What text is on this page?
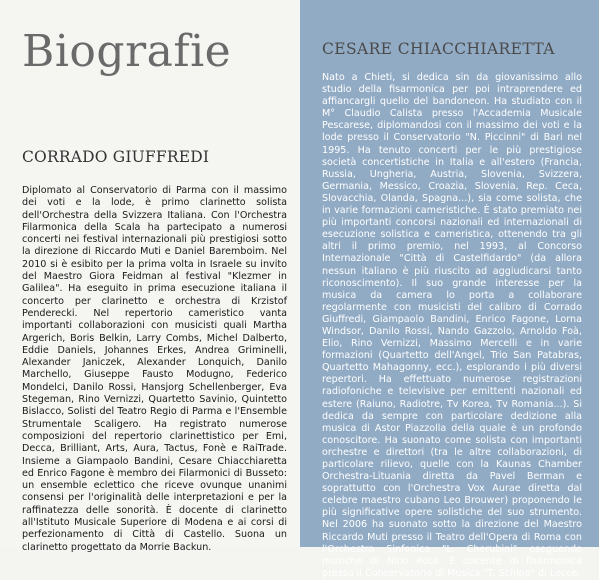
Biografie
CORRADO GIUFFREDI
Diplomato al Conservatorio di Parma con il massimo dei voti e la lode, è primo clarinetto solista dell'Orchestra della Svizzera Italiana. Con l'Orchestra Filarmonica della Scala ha partecipato a numerosi concerti nei festival internazionali più prestigiosi sotto la direzione di Riccardo Muti e Daniel Baremboim. Nel 2010 si è esibito per la prima volta in Israele su invito del Maestro Giora Feidman al festival "Klezmer in Galilea". Ha eseguito in prima esecuzione italiana il concerto per clarinetto e orchestra di Krzistof Penderecki. Nel repertorio cameristico vanta importanti collaborazioni con musicisti quali Martha Argerich, Boris Belkin, Larry Combs, Michel Dalberto, Eddie Daniels, Johannes Erkes, Andrea Griminelli, Alexander Janiczek, Alexander Lonquich, Danilo Marchello, Giuseppe Fausto Modugno, Federico Mondelci, Danilo Rossi, Hansjorg Schellenberger, Eva Stegeman, Rino Vernizzi, Quartetto Savinio, Quintetto Bislacco, Solisti del Teatro Regio di Parma e l'Ensemble Strumentale Scaligero. Ha registrato numerose composizioni del repertorio clarinettistico per Emi, Decca, Brilliant, Arts, Aura, Tactus, Fonè e RaiTrade. Insieme a Giampaolo Bandini, Cesare Chiacchiaretta ed Enrico Fagone è membro dei Filarmonici di Busseto: un ensemble eclettico che riceve ovunque unanimi consensi per l'originalità delle interpretazioni e per la raffinatezza delle sonorità. È docente di clarinetto all'Istituto Musicale Superiore di Modena e ai corsi di perfezionamento di Città di Castello. Suona un clarinetto progettato da Morrie Backun.
CESARE CHIACCHIARETTA
Nato a Chieti, si dedica sin da giovanissimo allo studio della fisarmonica per poi intraprendere ed affiancargli quello del bandoneon. Ha studiato con il M° Claudio Calista presso l'Accademia Musicale Pescarese, diplomandosi con il massimo dei voti e la lode presso il Conservatorio "N. Piccinni" di Bari nel 1995. Ha tenuto concerti per le più prestigiose società concertistiche in Italia e all'estero (Francia, Russia, Ungheria, Austria, Slovenia, Svizzera, Germania, Messico, Croazia, Slovenia, Rep. Ceca, Slovacchia, Olanda, Spagna...), sia come solista, che in varie formazioni cameristiche. È stato premiato nei più importanti concorsi nazionali ed internazionali di esecuzione solistica e cameristica, ottenendo tra gli altri il primo premio, nel 1993, al Concorso Internazionale "Città di Castelfidardo" (da allora nessun italiano è più riuscito ad aggiudicarsi tanto riconoscimento). Il suo grande interesse per la musica da camera lo porta a collaborare regolarmente con musicisti del calibro di Corrado Giuffredi, Giampaolo Bandini, Enrico Fagone, Lorna Windsor, Danilo Rossi, Nando Gazzolo, Arnoldo Foà, Elio, Rino Vernizzi, Massimo Mercelli e in varie formazioni (Quartetto dell'Angel, Trio San Patabras, Quartetto Mahagonny, ecc.), esplorando i più diversi repertori. Ha effettuato numerose registrazioni radiofoniche e televisive per emittenti nazionali ed estere (Raiuno, Radiotre, Tv Korea, Tv Romania...). Si dedica da sempre con particolare dedizione alla musica di Astor Piazzolla della quale è un profondo conoscitore. Ha suonato come solista con importanti orchestre e direttori (tra le altre collaborazioni, di particolare rilievo, quelle con la Kaunas Chamber Orchestra-Lituania diretta da Pavel Berman e soprattutto con l'Orchestra Vox Aurae diretta dal celebre maestro cubano Leo Brouwer) proponendo le più significative opere solistiche del suo strumento. Nel 2006 ha suonato sotto la direzione del Maestro Riccardo Muti presso il Teatro dell'Opera di Roma con l'Orchestra Sinfonica "L. Cherubini" eseguendo musiche di Nino Rota. È docente di fisarmonica presso il Conservatorio di Musica "T. Schipa" di Lecce.
